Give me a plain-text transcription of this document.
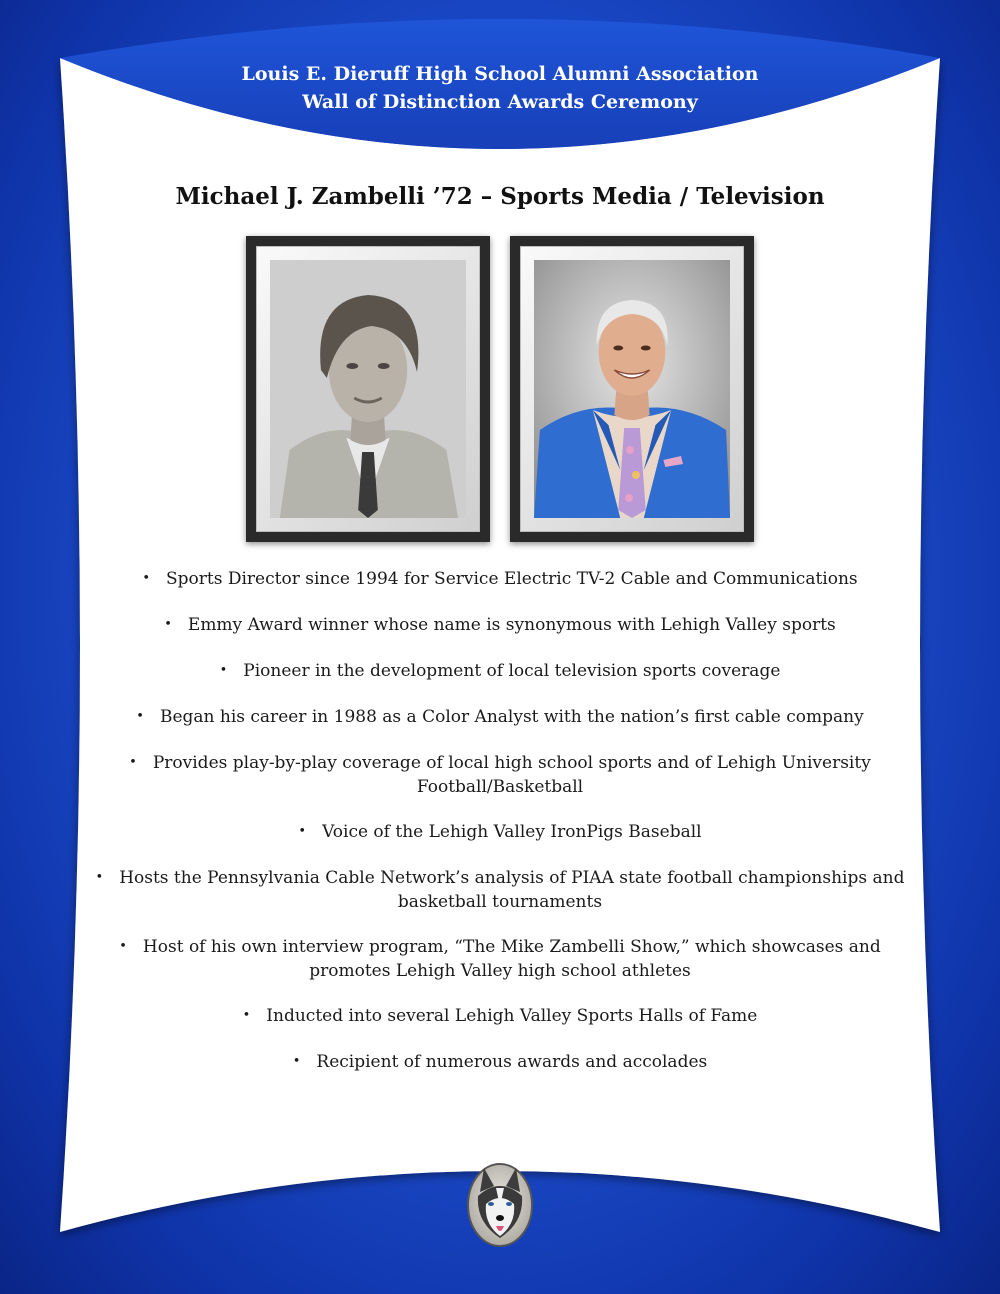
Louis E. Dieruff High School Alumni Association
Wall of Distinction Awards Ceremony
Michael J. Zambelli ’72 – Sports Media / Television
• Sports Director since 1994 for Service Electric TV-2 Cable and Communications
• Emmy Award winner whose name is synonymous with Lehigh Valley sports
• Pioneer in the development of local television sports coverage
• Began his career in 1988 as a Color Analyst with the nation’s first cable company
• Provides play-by-play coverage of local high school sports and of Lehigh University Football/Basketball
• Voice of the Lehigh Valley IronPigs Baseball
• Hosts the Pennsylvania Cable Network’s analysis of PIAA state football championships and basketball tournaments
• Host of his own interview program, “The Mike Zambelli Show,” which showcases and promotes Lehigh Valley high school athletes
• Inducted into several Lehigh Valley Sports Halls of Fame
• Recipient of numerous awards and accolades
